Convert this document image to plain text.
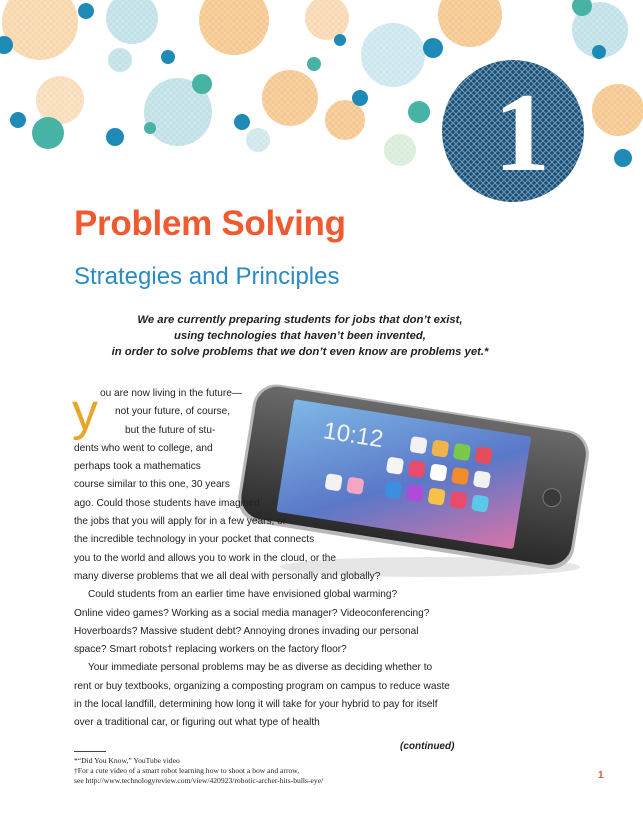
1
Problem Solving
Strategies and Principles
We are currently preparing students for jobs that don’t exist,
using technologies that haven’t been invented,
in order to solve problems that we don’t even know are problems yet.*
10:12
y ou are now living in the future—
not your future, of course,
but the future of stu-
dents who went to college, and
perhaps took a mathematics
course similar to this one, 30 years
ago. Could those students have imagined
the jobs that you will apply for in a few years, or
the incredible technology in your pocket that connects
you to the world and allows you to work in the cloud, or the
many diverse problems that we all deal with personally and globally?
Could students from an earlier time have envisioned global warming?
Online video games? Working as a social media manager? Videoconferencing?
Hoverboards? Massive student debt? Annoying drones invading our personal
space? Smart robots† replacing workers on the factory floor?
Your immediate personal problems may be as diverse as deciding whether to
rent or buy textbooks, organizing a composting program on campus to reduce waste
in the local landfill, determining how long it will take for your hybrid to pay for itself
over a traditional car, or figuring out what type of health
(continued)
*“Did You Know,” YouTube video
†For a cute video of a smart robot learning how to shoot a bow and arrow,
see http://www.technologyreview.com/view/420923/robotic-archer-hits-bulls-eye/	1
